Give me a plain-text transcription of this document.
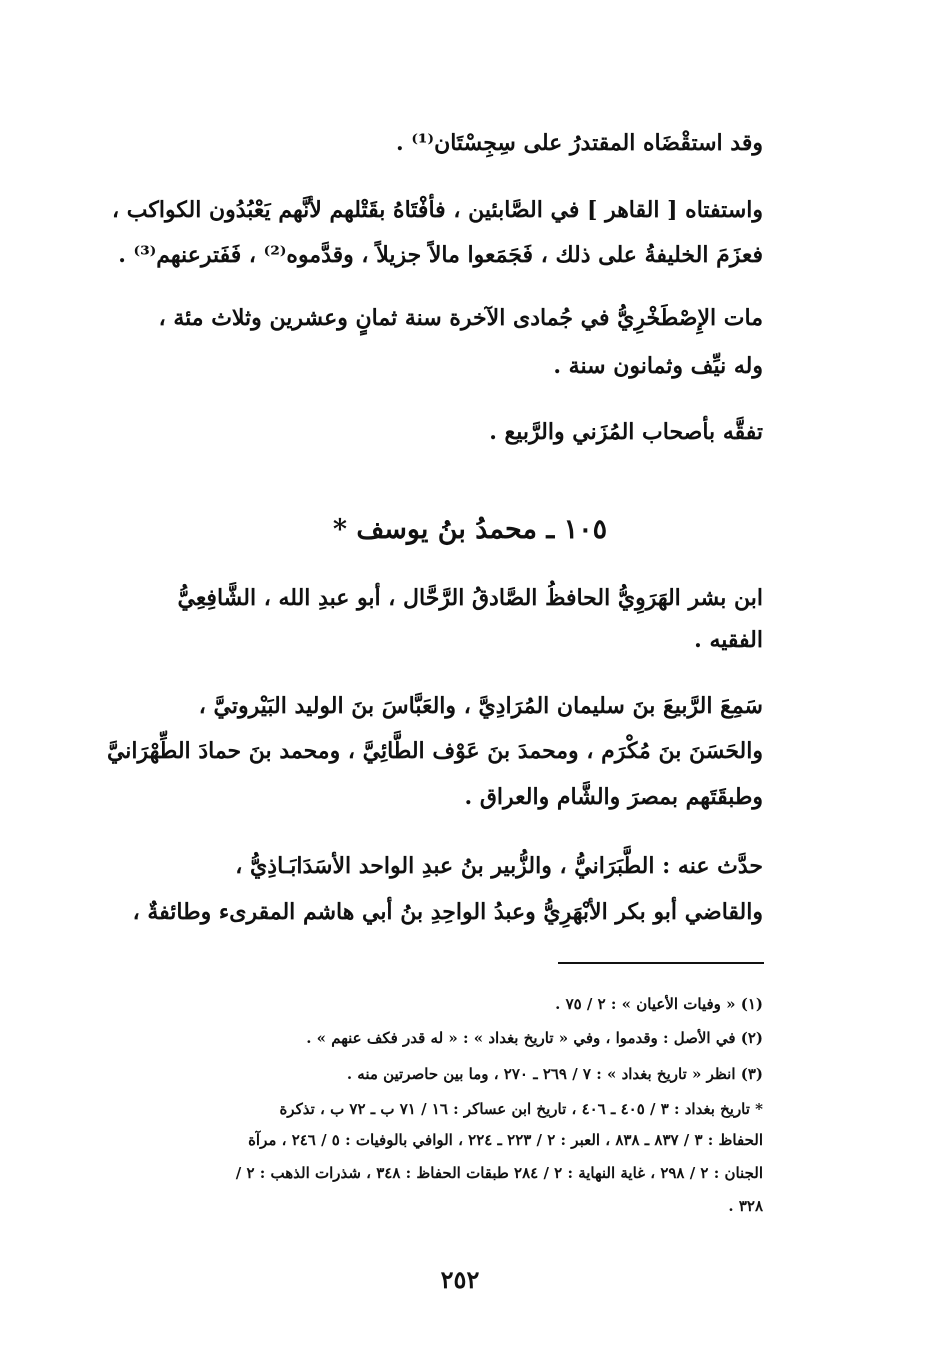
وقد استقْضَاه المقتدرُ على سِجِسْتَان⁽¹⁾ .
واستفتاه [ القاهر ] في الصَّابئين ، فأفْتَاهُ بقَتْلهم لأنَّهم يَعْبُدُون الكواكب ،
فعزَمَ الخليفةُ على ذلك ، فَجَمَعوا مالاً جزيلاً ، وقدَّموه⁽²⁾ ، فَفَترعنهم⁽³⁾ .
مات الإِصْطَخْرِيُّ في جُمادى الآخرة سنة ثمانٍ وعشرين وثلاث مئة ،
وله نيِّف وثمانون سنة .
تفقَّه بأصحاب المُزَني والرَّبيع .
١٠٥ ـ محمدُ بنُ يوسف *
ابن بشر الهَرَوِيُّ الحافظُ الصَّادقُ الرَّحَّال ، أبو عبدِ الله ، الشَّافِعِيُّ
الفقيه .
سَمِعَ الرَّبيعَ بنَ سليمان المُرَادِيَّ ، والعَبَّاسَ بنَ الوليد البَيْروتيَّ ،
والحَسَنَ بنَ مُكْرَم ، ومحمدَ بنَ عَوْف الطَّائِيَّ ، ومحمد بنَ حمادَ الطِّهْرَانيَّ
وطبقَتَهم بمصرَ والشَّام والعراق .
حدَّث عنه : الطَّبَرَانيُّ ، والزُّبير بنُ عبدِ الواحد الأسَدَابَـاذِيُّ ،
والقاضي أبو بكر الأبْهَرِيُّ وعبدُ الواحِدِ بنُ أبي هاشم المقرىء وطائفةٌ ،
(١) « وفيات الأعيان » : ٢ / ٧٥ .
(٢) في الأصل : وقدموا ، وفي « تاريخ بغداد » : « له قدر فكف عنهم » .
(٣) انظر « تاريخ بغداد » : ٧ / ٢٦٩ ـ ٢٧٠ ، وما بين حاصرتين منه .
* تاريخ بغداد : ٣ / ٤٠٥ ـ ٤٠٦ ، تاريخ ابن عساكر : ١٦ / ٧١ ب ـ ٧٢ ب ، تذكرة
الحفاظ : ٣ / ٨٣٧ ـ ٨٣٨ ، العبر : ٢ / ٢٢٣ ـ ٢٢٤ ، الوافي بالوفيات : ٥ / ٢٤٦ ، مرآة
الجنان : ٢ / ٢٩٨ ، غاية النهاية : ٢ / ٢٨٤ طبقات الحفاظ : ٣٤٨ ، شذرات الذهب : ٢ /
٣٢٨ .
٢٥٢
